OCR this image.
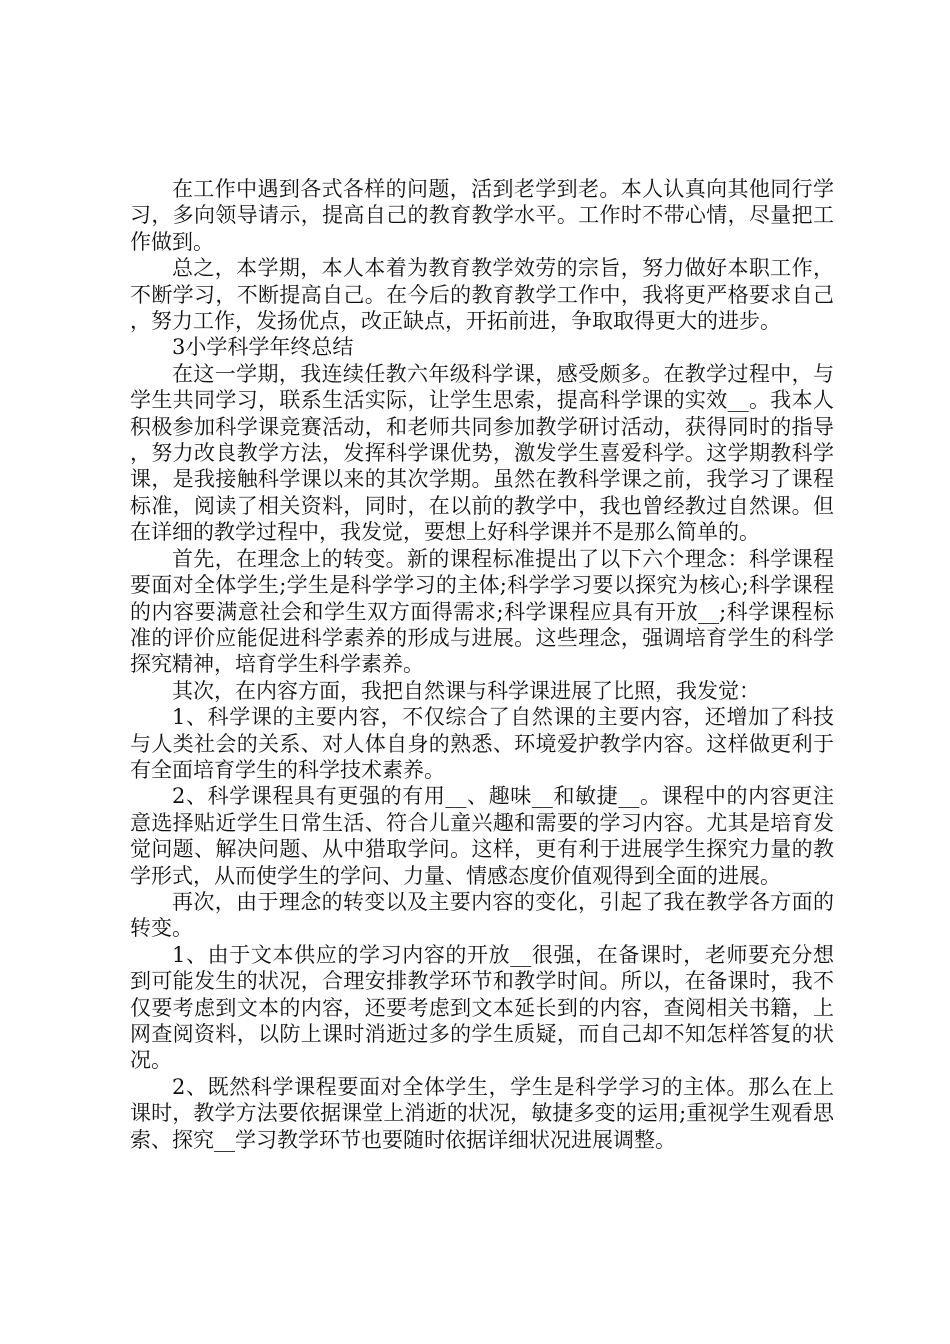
在工作中遇到各式各样的问题，活到老学到老。本人认真向其他同行学习，多向领导请示，提高自己的教育教学水平。工作时不带心情，尽量把工作做到。

总之，本学期，本人本着为教育教学效劳的宗旨，努力做好本职工作，不断学习，不断提高自己。在今后的教育教学工作中，我将更严格要求自己，努力工作，发扬优点，改正缺点，开拓前进，争取取得更大的进步。

3小学科学年终总结

在这一学期，我连续任教六年级科学课，感受颇多。在教学过程中，与学生共同学习，联系生活实际，让学生思索，提高科学课的实效__。我本人积极参加科学课竞赛活动，和老师共同参加教学研讨活动，获得同时的指导，努力改良教学方法，发挥科学课优势，激发学生喜爱科学。这学期教科学课，是我接触科学课以来的其次学期。虽然在教科学课之前，我学习了课程标准，阅读了相关资料，同时，在以前的教学中，我也曾经教过自然课。但在详细的教学过程中，我发觉，要想上好科学课并不是那么简单的。

首先，在理念上的转变。新的课程标准提出了以下六个理念：科学课程要面对全体学生;学生是科学学习的主体;科学学习要以探究为核心;科学课程的内容要满意社会和学生双方面得需求;科学课程应具有开放__;科学课程标准的评价应能促进科学素养的形成与进展。这些理念，强调培育学生的科学探究精神，培育学生科学素养。

其次，在内容方面，我把自然课与科学课进展了比照，我发觉：

1、科学课的主要内容，不仅综合了自然课的主要内容，还增加了科技与人类社会的关系、对人体自身的熟悉、环境爱护教学内容。这样做更利于有全面培育学生的科学技术素养。

2、科学课程具有更强的有用__、趣味__和敏捷__。课程中的内容更注意选择贴近学生日常生活、符合儿童兴趣和需要的学习内容。尤其是培育发觉问题、解决问题、从中猎取学问。这样，更有利于进展学生探究力量的教学形式，从而使学生的学问、力量、情感态度价值观得到全面的进展。

再次，由于理念的转变以及主要内容的变化，引起了我在教学各方面的转变。

1、由于文本供应的学习内容的开放__很强，在备课时，老师要充分想到可能发生的状况，合理安排教学环节和教学时间。所以，在备课时，我不仅要考虑到文本的内容，还要考虑到文本延长到的内容，查阅相关书籍，上网查阅资料，以防上课时消逝过多的学生质疑，而自己却不知怎样答复的状况。

2、既然科学课程要面对全体学生，学生是科学学习的主体。那么在上课时，教学方法要依据课堂上消逝的状况，敏捷多变的运用;重视学生观看思索、探究__学习教学环节也要随时依据详细状况进展调整。
